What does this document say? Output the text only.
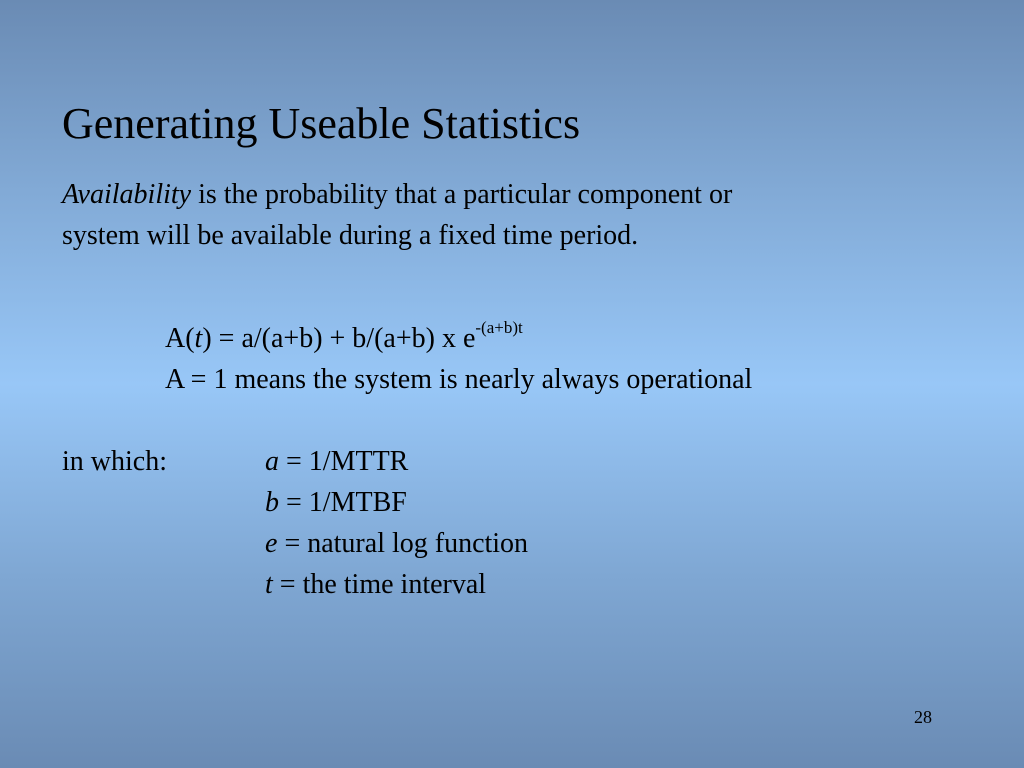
Generating Useable Statistics
Availability is the probability that a particular component or
system will be available during a fixed time period.
A(t) = a/(a+b) + b/(a+b) x $e^{-(a+b)t}$
A = 1 means the system is nearly always operational
in which:	a = 1/MTTR
b = 1/MTBF
e = natural log function
t = the time interval
28
